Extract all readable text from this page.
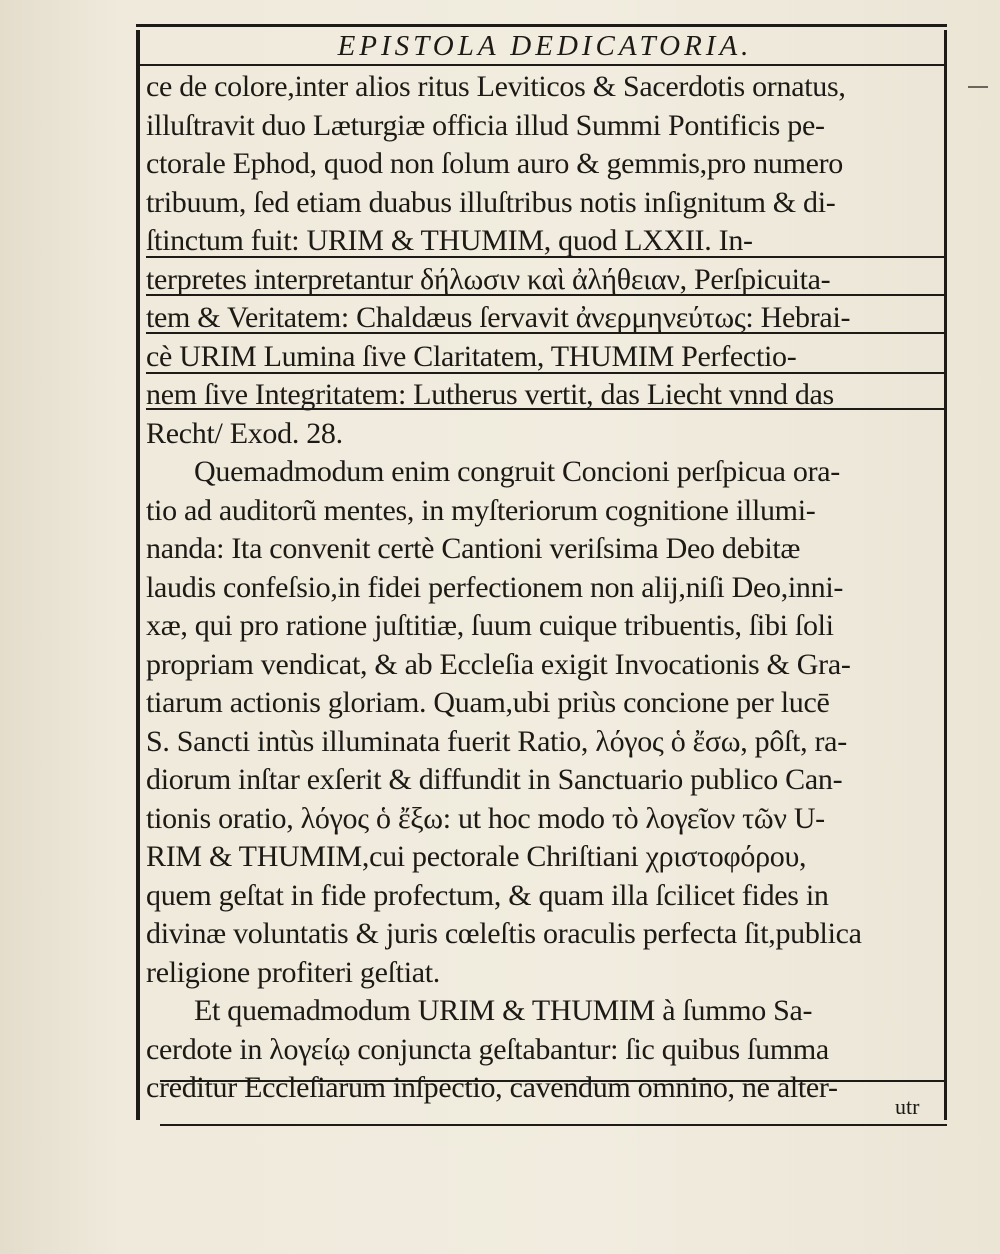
EPISTOLA DEDICATORIA.
ce de colore,inter alios ritus Leviticos & Sacerdotis ornatus,
illuſtravit duo Læturgiæ officia illud Summi Pontificis pe-
ctorale Ephod, quod non ſolum auro & gemmis,pro numero
tribuum, ſed etiam duabus illuſtribus notis inſignitum & di-
ſtinctum fuit: URIM & THUMIM, quod LXXII. In-
terpretes interpretantur δήλωσιν καὶ ἀλήθειαν, Perſpicuita-
tem & Veritatem: Chaldæus ſervavit ἀνερμηνεύτως: Hebrai-
cè URIM Lumina ſive Claritatem, THUMIM Perfectio-
nem ſive Integritatem: Lutherus vertit, das Liecht vnnd das
Recht/ Exod. 28.
Quemadmodum enim congruit Concioni perſpicua ora-
tio ad auditorũ mentes, in myſteriorum cognitione illumi-
nanda: Ita convenit certè Cantioni veriſsima Deo debitæ
laudis confeſsio,in fidei perfectionem non alij,niſi Deo,inni-
xæ, qui pro ratione juſtitiæ, ſuum cuique tribuentis, ſibi ſoli
propriam vendicat, & ab Eccleſia exigit Invocationis & Gra-
tiarum actionis gloriam. Quam,ubi priùs concione per lucē
S. Sancti intùs illuminata fuerit Ratio, λόγος ὁ ἔσω, pôſt, ra-
diorum inſtar exſerit & diffundit in Sanctuario publico Can-
tionis oratio, λόγος ὁ ἔξω: ut hoc modo τὸ λογεῖον τῶν U-
RIM & THUMIM,cui pectorale Chriſtiani χριστοφόρου,
quem geſtat in fide profectum, & quam illa ſcilicet fides in
divinæ voluntatis & juris cœleſtis oraculis perfecta ſit,publica
religione profiteri geſtiat.
Et quemadmodum URIM & THUMIM à ſummo Sa-
cerdote in λογείῳ conjuncta geſtabantur: ſic quibus ſumma
creditur Eccleſiarum inſpectio, cavendum omnino, ne alter-
utr
